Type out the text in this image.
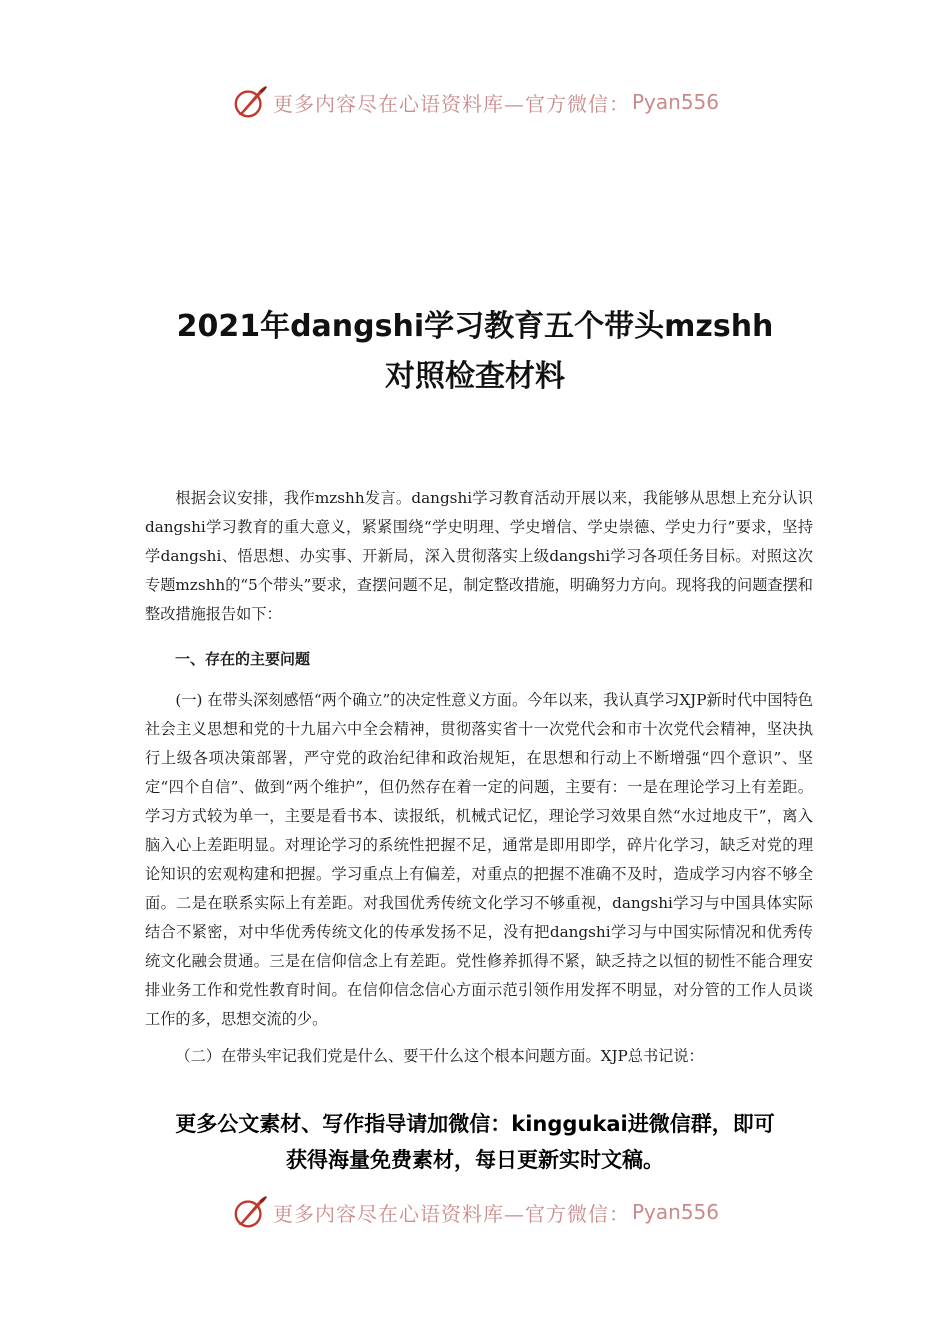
更多内容尽在心语资料库—官方微信： Pyan556
2021年dangshi学习教育五个带头mzshh
对照检查材料

根据会议安排，我作mzshh发言。dangshi学习教育活动开展以来，我能够从思想上充分认识dangshi学习教育的重大意义，紧紧围绕“学史明理、学史增信、学史崇德、学史力行”要求，坚持学dangshi、悟思想、办实事、开新局，深入贯彻落实上级dangshi学习各项任务目标。对照这次专题mzshh的“5个带头”要求，查摆问题不足，制定整改措施，明确努力方向。现将我的问题查摆和整改措施报告如下：

一、存在的主要问题

(一) 在带头深刻感悟“两个确立”的决定性意义方面。今年以来，我认真学习XJP新时代中国特色社会主义思想和党的十九届六中全会精神，贯彻落实省十一次党代会和市十次党代会精神，坚决执行上级各项决策部署，严守党的政治纪律和政治规矩，在思想和行动上不断增强“四个意识”、坚定“四个自信”、做到“两个维护”，但仍然存在着一定的问题，主要有：一是在理论学习上有差距。学习方式较为单一，主要是看书本、读报纸，机械式记忆，理论学习效果自然“水过地皮干”，离入脑入心上差距明显。对理论学习的系统性把握不足，通常是即用即学，碎片化学习，缺乏对党的理论知识的宏观构建和把握。学习重点上有偏差，对重点的把握不准确不及时，造成学习内容不够全面。二是在联系实际上有差距。对我国优秀传统文化学习不够重视，dangshi学习与中国具体实际结合不紧密，对中华优秀传统文化的传承发扬不足，没有把dangshi学习与中国实际情况和优秀传统文化融会贯通。三是在信仰信念上有差距。党性修养抓得不紧，缺乏持之以恒的韧性不能合理安排业务工作和党性教育时间。在信仰信念信心方面示范引领作用发挥不明显，对分管的工作人员谈工作的多，思想交流的少。

（二）在带头牢记我们党是什么、要干什么这个根本问题方面。XJP总书记说：

更多公文素材、写作指导请加微信：kinggukai进微信群，即可
获得海量免费素材，每日更新实时文稿。
更多内容尽在心语资料库—官方微信： Pyan556
